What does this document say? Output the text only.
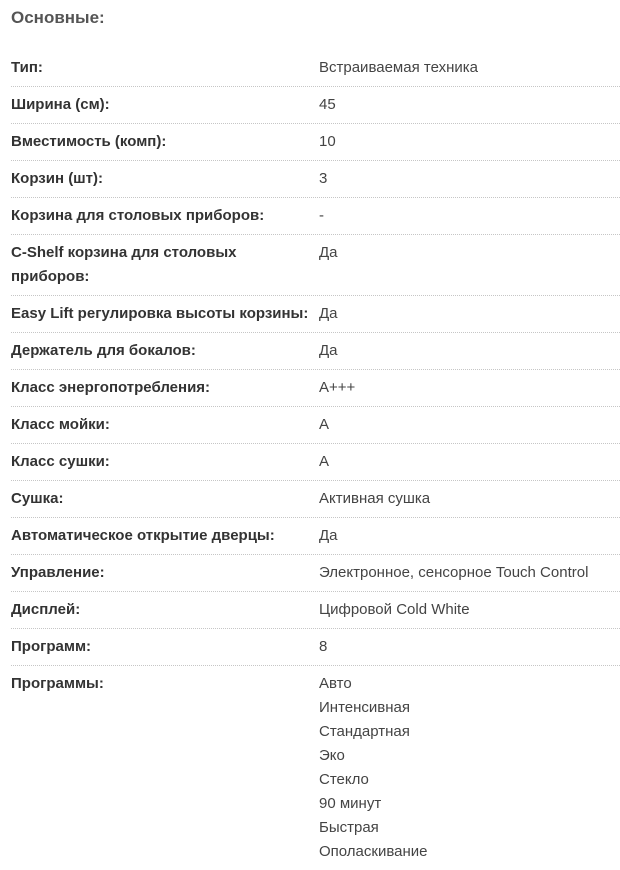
Основные:
Тип:	Встраиваемая техника
Ширина (см):	45
Вместимость (комп):	10
Корзин (шт):	3
Корзина для столовых приборов:	-
C-Shelf корзина для столовых приборов:
Да
Easy Lift регулировка высоты корзины: Да
Держатель для бокалов:	Да
Класс энергопотребления:	A+++
Класс мойки:	A
Класс сушки:	A
Сушка:	Активная сушка
Автоматическое открытие дверцы:	Да
Управление:	Электронное, сенсорное Touch Control
Дисплей:	Цифровой Cold White
Программ:	8
Программы:	Авто
Интенсивная
Стандартная
Эко
Стекло
90 минут
Быстрая
Ополаскивание
